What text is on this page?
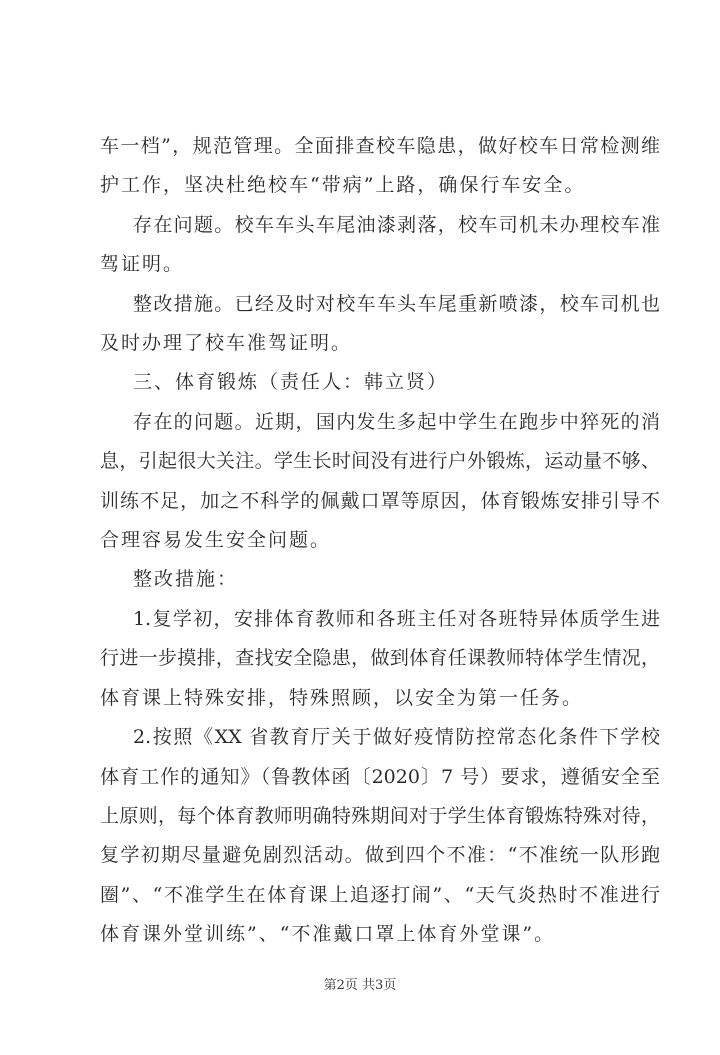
车一档”，规范管理。全面排查校车隐患，做好校车日常检测维
护工作，坚决杜绝校车“带病”上路，确保行车安全。
存在问题。校车车头车尾油漆剥落，校车司机未办理校车准
驾证明。
整改措施。已经及时对校车车头车尾重新喷漆，校车司机也
及时办理了校车准驾证明。
三、体育锻炼（责任人：韩立贤）
存在的问题。近期，国内发生多起中学生在跑步中猝死的消
息，引起很大关注。学生长时间没有进行户外锻炼，运动量不够、
训练不足，加之不科学的佩戴口罩等原因，体育锻炼安排引导不
合理容易发生安全问题。
整改措施：
1.复学初，安排体育教师和各班主任对各班特异体质学生进
行进一步摸排，查找安全隐患，做到体育任课教师特体学生情况，
体育课上特殊安排，特殊照顾，以安全为第一任务。
2.按照《XX 省教育厅关于做好疫情防控常态化条件下学校
体育工作的通知》（鲁教体函〔2020〕7 号）要求，遵循安全至
上原则，每个体育教师明确特殊期间对于学生体育锻炼特殊对待，
复学初期尽量避免剧烈活动。做到四个不准：“不准统一队形跑
圈”、“不准学生在体育课上追逐打闹”、“天气炎热时不准进行
体育课外堂训练”、“不准戴口罩上体育外堂课”。
第2页 共3页
